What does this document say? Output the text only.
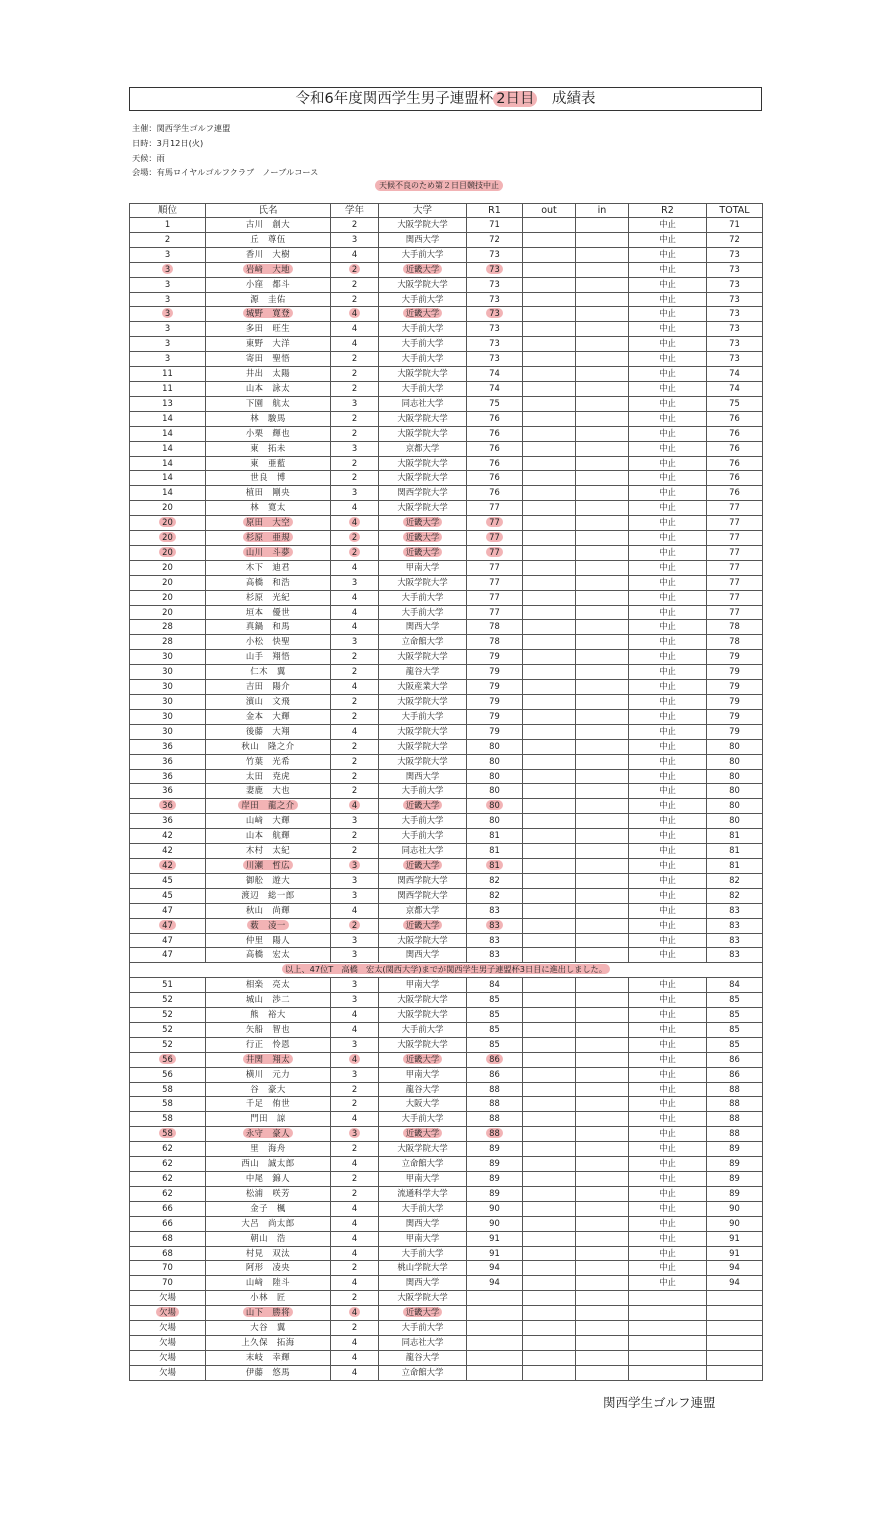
令和6年度関西学生男子連盟杯 2日目　 成績表
主催：関西学生ゴルフ連盟
日時：3月12日(火)
天候：雨
会場：有馬ロイヤルゴルフクラブ　ノーブルコース
天候不良のため第２日目競技中止
順位	氏名	学年	大学	R1	out	in	R2	TOTAL
1	古川　創大	2	大阪学院大学	71			中止	71
2	丘　尊伍	3	関西大学	72			中止	72
3	香川　大樹	4	大手前大学	73			中止	73
3	岩﨑　大地	2	近畿大学	73			中止	73
3	小窪　都斗	2	大阪学院大学	73			中止	73
3	源　圭佑	2	大手前大学	73			中止	73
3	城野　寛登	4	近畿大学	73			中止	73
3	多田　旺生	4	大手前大学	73			中止	73
3	東野　大洋	4	大手前大学	73			中止	73
3	寄田　聖悟	2	大手前大学	73			中止	73
11	井出　太陽	2	大阪学院大学	74			中止	74
11	山本　詠太	2	大手前大学	74			中止	74
13	下園　航太	3	同志社大学	75			中止	75
14	林　駿馬	2	大阪学院大学	76			中止	76
14	小栗　輝也	2	大阪学院大学	76			中止	76
14	東　拓未	3	京都大学	76			中止	76
14	東　亜藍	2	大阪学院大学	76			中止	76
14	世良　博	2	大阪学院大学	76			中止	76
14	植田　剛央	3	関西学院大学	76			中止	76
20	林　寛太	4	大阪学院大学	77			中止	77
20	原田　大空	4	近畿大学	77			中止	77
20	杉原　亜規	2	近畿大学	77			中止	77
20	山川　斗夢	2	近畿大学	77			中止	77
20	木下　迪君	4	甲南大学	77			中止	77
20	高橋　和浩	3	大阪学院大学	77			中止	77
20	杉原　光紀	4	大手前大学	77			中止	77
20	垣本　優世	4	大手前大学	77			中止	77
28	真鍋　和馬	4	関西大学	78			中止	78
28	小松　快聖	3	立命館大学	78			中止	78
30	山手　翔悟	2	大阪学院大学	79			中止	79
30	仁木　翼	2	龍谷大学	79			中止	79
30	吉田　陽介	4	大阪産業大学	79			中止	79
30	濱山　文飛	2	大阪学院大学	79			中止	79
30	金本　大輝	2	大手前大学	79			中止	79
30	後藤　大翔	4	大阪学院大学	79			中止	79
36	秋山　隆之介	2	大阪学院大学	80			中止	80
36	竹葉　光希	2	大阪学院大学	80			中止	80
36	太田　尭虎	2	関西大学	80			中止	80
36	妻鹿　大也	2	大手前大学	80			中止	80
36	岸田　龍之介	4	近畿大学	80			中止	80
36	山﨑　大輝	3	大手前大学	80			中止	80
42	山本　航輝	2	大手前大学	81			中止	81
42	木村　太紀	2	同志社大学	81			中止	81
42	川瀬　哲広	3	近畿大学	81			中止	81
45	御舩　遊大	3	関西学院大学	82			中止	82
45	渡辺　総一郎	3	関西学院大学	82			中止	82
47	秋山　尚輝	4	京都大学	83			中止	83
47	薮　凌一	2	近畿大学	83			中止	83
47	仲里　陽人	3	大阪学院大学	83			中止	83
47	高橋　宏太	3	関西大学	83			中止	83
以上、47位T　高橋　宏太(関西大学)までが関西学生男子連盟杯3日目に進出しました。								
51	相楽　亮太	3	甲南大学	84			中止	84
52	城山　渉二	3	大阪学院大学	85			中止	85
52	熊　裕大	4	大阪学院大学	85			中止	85
52	矢船　智也	4	大手前大学	85			中止	85
52	行正　怜恩	3	大阪学院大学	85			中止	85
56	井関　翔太	4	近畿大学	86			中止	86
56	横川　元力	3	甲南大学	86			中止	86
58	谷　豪大	2	龍谷大学	88			中止	88
58	千足　侑世	2	大阪大学	88			中止	88
58	門田　諒	4	大手前大学	88			中止	88
58	永守　豪人	3	近畿大学	88			中止	88
62	里　海舟	2	大阪学院大学	89			中止	89
62	西山　誠太郎	4	立命館大学	89			中止	89
62	中尾　錦人	2	甲南大学	89			中止	89
62	松浦　咲芳	2	流通科学大学	89			中止	89
66	金子　楓	4	大手前大学	90			中止	90
66	大呂　尚太郎	4	関西大学	90			中止	90
68	朝山　浩	4	甲南大学	91			中止	91
68	村見　双汰	4	大手前大学	91			中止	91
70	阿形　凌央	2	桃山学院大学	94			中止	94
70	山﨑　陸斗	4	関西大学	94			中止	94
欠場	小林　匠	2	大阪学院大学					
欠場	山下　勝将	4	近畿大学					
欠場	大谷　翼	2	大手前大学					
欠場	上久保　拓海	4	同志社大学					
欠場	末岐　幸輝	4	龍谷大学					
欠場	伊藤　悠馬	4	立命館大学					
関西学生ゴルフ連盟
